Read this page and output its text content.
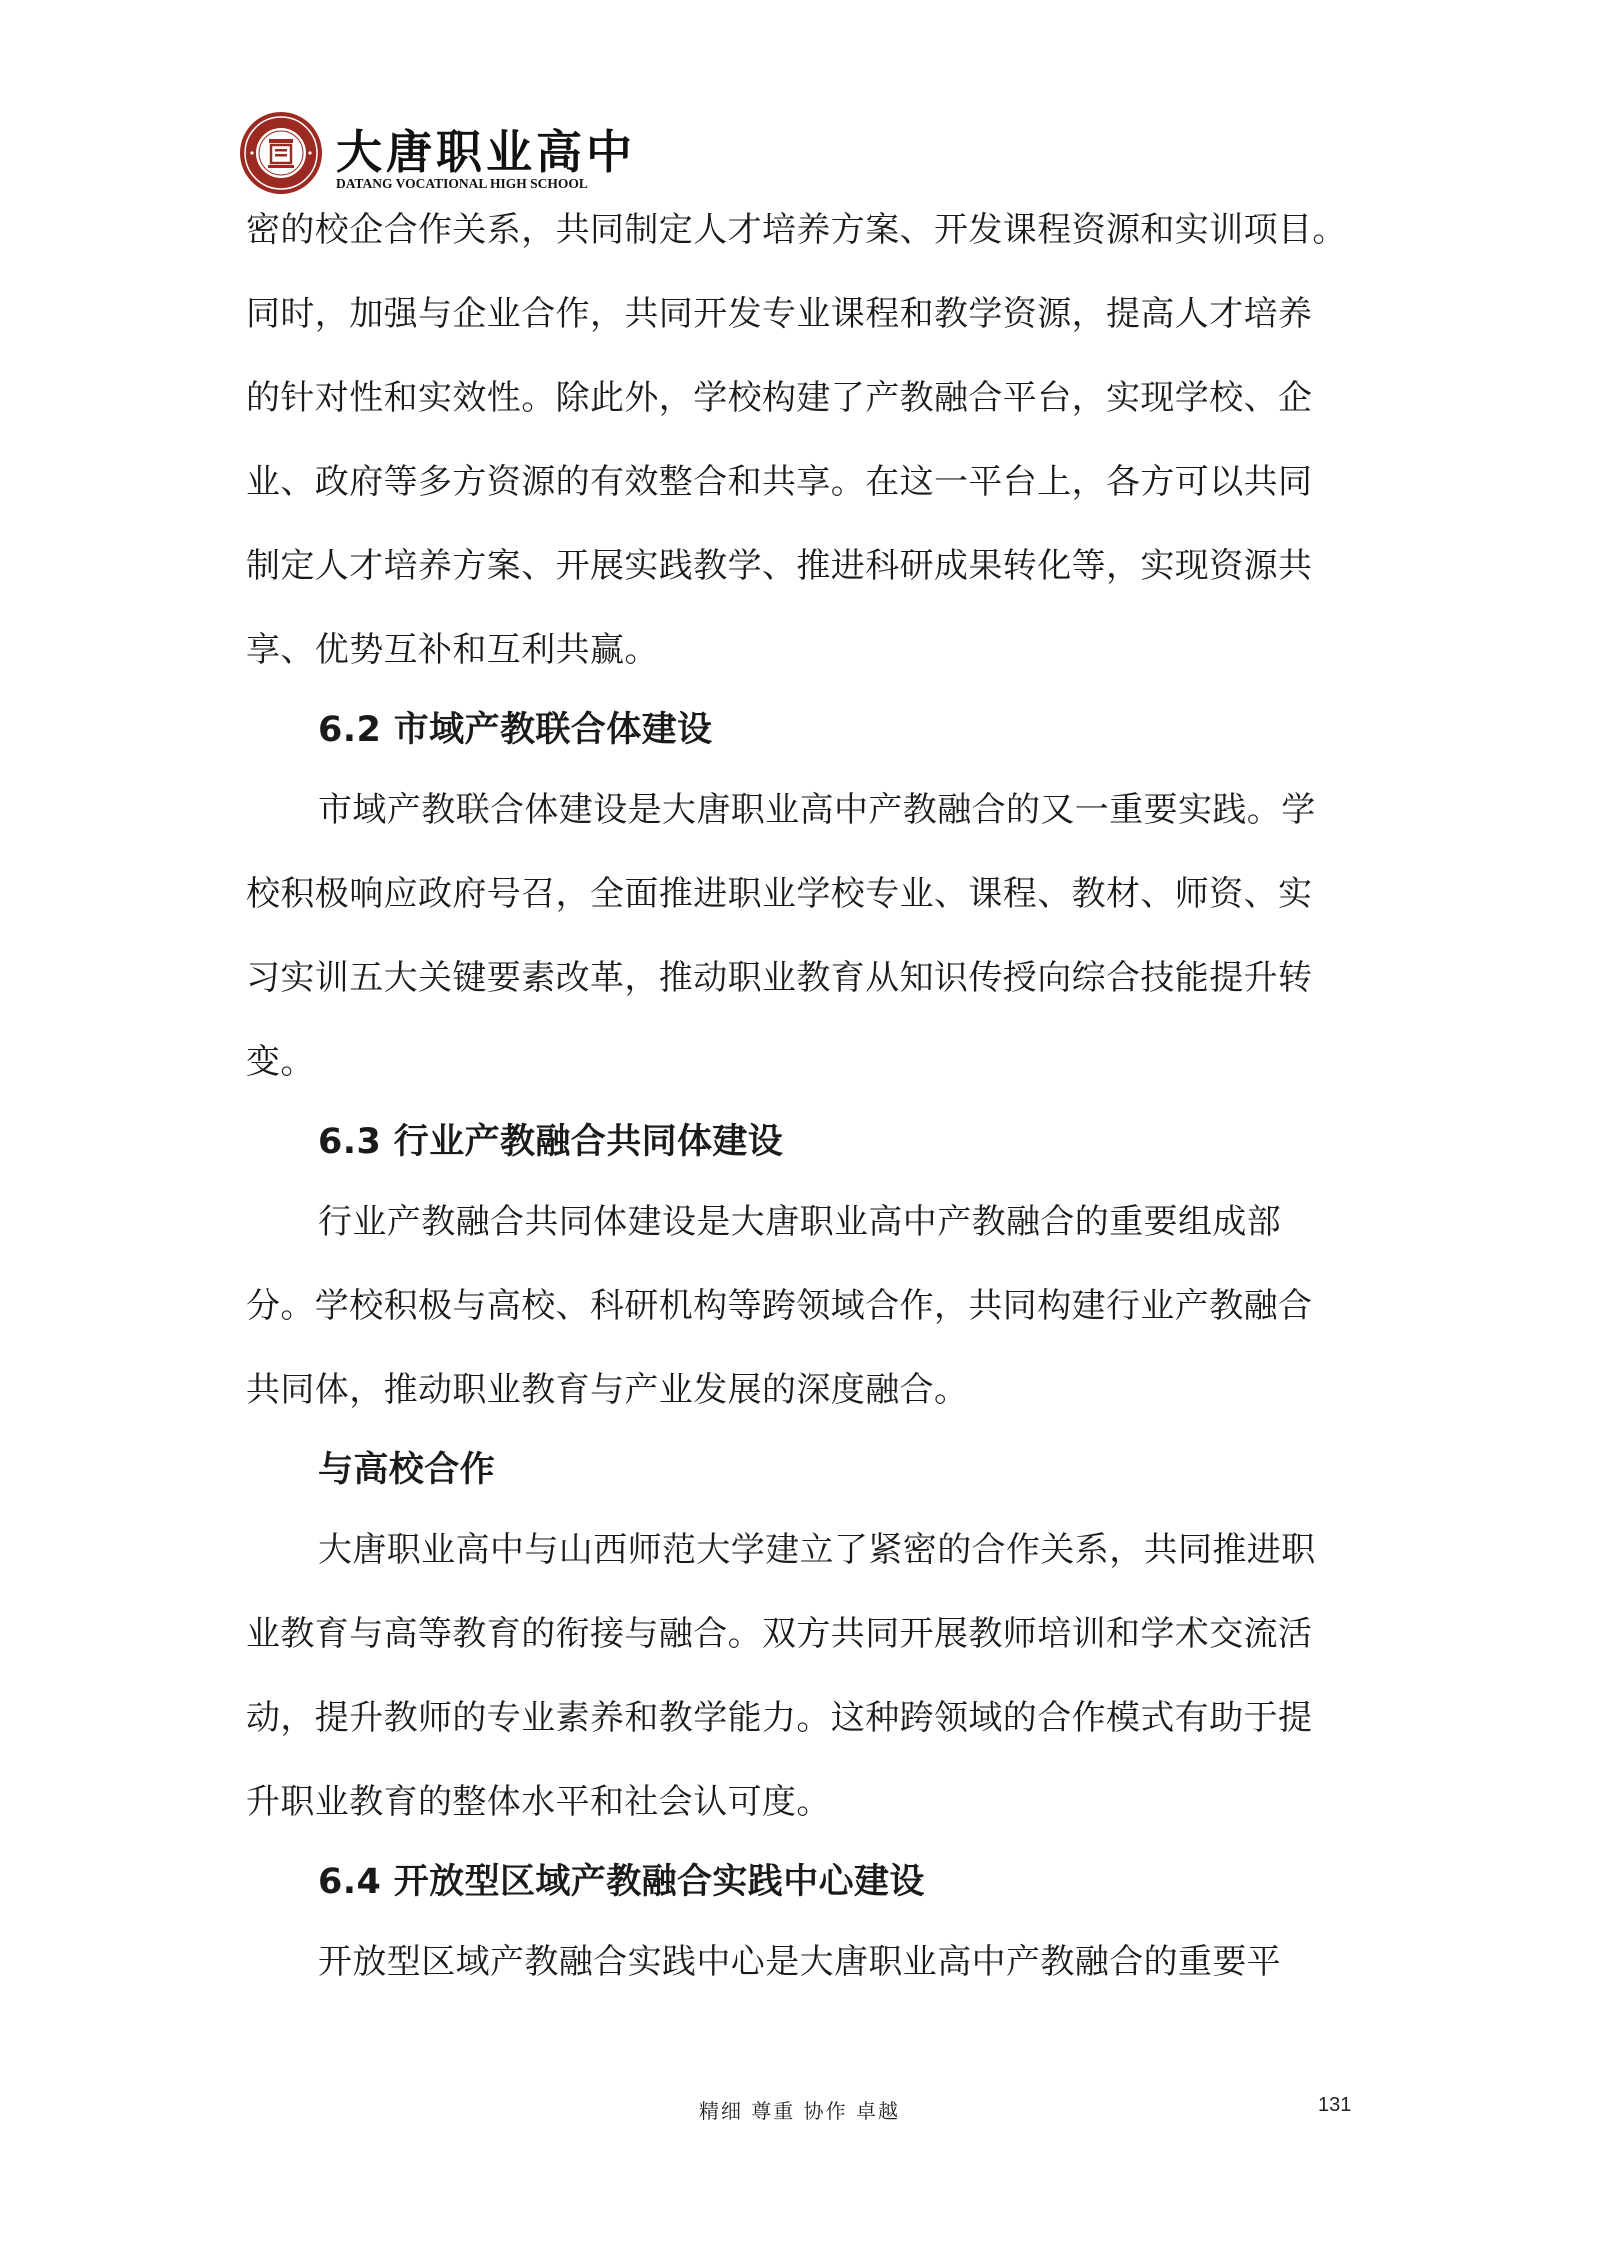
大唐职业高中
DATANG VOCATIONAL HIGH SCHOOL
密的校企合作关系，共同制定人才培养方案、开发课程资源和实训项目。
同时，加强与企业合作，共同开发专业课程和教学资源，提高人才培养
的针对性和实效性。除此外，学校构建了产教融合平台，实现学校、企
业、政府等多方资源的有效整合和共享。在这一平台上，各方可以共同
制定人才培养方案、开展实践教学、推进科研成果转化等，实现资源共
享、优势互补和互利共赢。
6.2 市域产教联合体建设
市域产教联合体建设是大唐职业高中产教融合的又一重要实践。学
校积极响应政府号召，全面推进职业学校专业、课程、教材、师资、实
习实训五大关键要素改革，推动职业教育从知识传授向综合技能提升转
变。
6.3 行业产教融合共同体建设
行业产教融合共同体建设是大唐职业高中产教融合的重要组成部
分。学校积极与高校、科研机构等跨领域合作，共同构建行业产教融合
共同体，推动职业教育与产业发展的深度融合。
与高校合作
大唐职业高中与山西师范大学建立了紧密的合作关系，共同推进职
业教育与高等教育的衔接与融合。双方共同开展教师培训和学术交流活
动，提升教师的专业素养和教学能力。这种跨领域的合作模式有助于提
升职业教育的整体水平和社会认可度。
6.4 开放型区域产教融合实践中心建设
开放型区域产教融合实践中心是大唐职业高中产教融合的重要平
精细 尊重 协作 卓越	131
